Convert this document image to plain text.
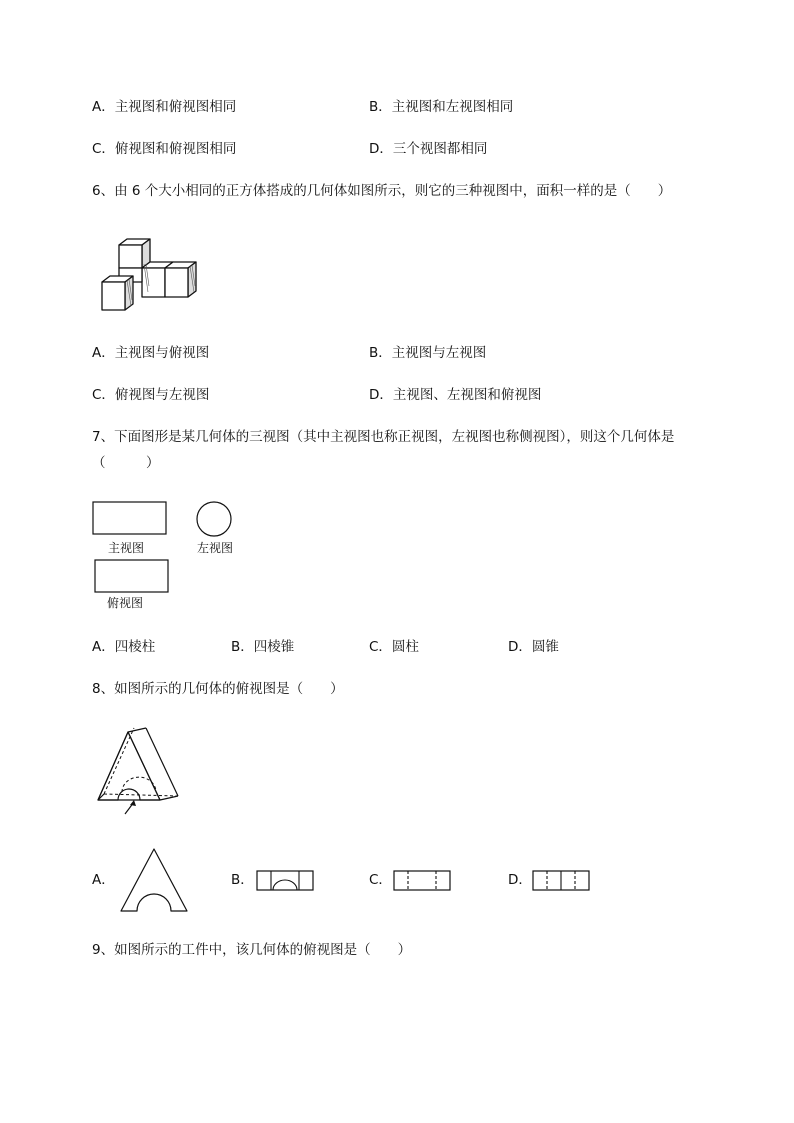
A．主视图和俯视图相同	B．主视图和左视图相同
C．俯视图和俯视图相同	D．三个视图都相同
6、由 6 个大小相同的正方体搭成的几何体如图所示，则它的三种视图中，面积一样的是（　　）
A．主视图与俯视图	B．主视图与左视图
C．俯视图与左视图	D．主视图、左视图和俯视图
7、下面图形是某几何体的三视图（其中主视图也称正视图，左视图也称侧视图），则这个几何体是
（　　　）
主视图	左视图
俯视图
A．四棱柱	B．四棱锥	C．圆柱	D．圆锥
8、如图所示的几何体的俯视图是（　　）
A．	B．	C．	D．
9、如图所示的工件中，该几何体的俯视图是（　　）
